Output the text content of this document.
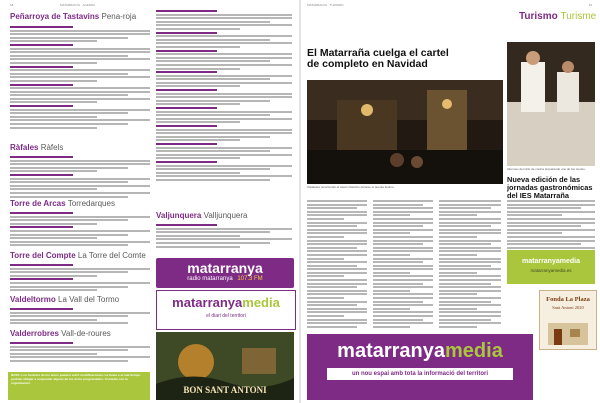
18	MATARRANYA · AGENDA
Peñarroya de Tastavins Pena-roja
Ràfales Ràfels
Torre de Arcas Torredarques
Torre del Compte La Torre del Comte
Valdeltormo La Vall del Tormo
Valderrobres Vall-de-roures
NOTA: Los horarios de los actos pueden sufrir modificaciones. La lluvia o el mal tiempo podrían obligar a suspender alguno de los actos programados. Consulte con la organización.
Valjunquera Valljunquera
matarranya
radio matarranya 107.3 FM
matarranyamedia
el diari del territori
BON SANT ANTONI
MATARRANYA · TURISMO	19
Turismo Turisme
El Matarraña cuelga el cartel de completo en Navidad
Visitantes recorriendo el casco histórico durante el puente festivo.
Alumnos del ciclo de cocina preparando uno de los menús.
Nueva edición de las jornadas gastronómicas del IES Matarraña
matarranyamedia
matarranyamedia.es
Fonda La Plaza
Sant Antoni 2020
matarranyamedia
un nou espai amb tota la informació del territori
